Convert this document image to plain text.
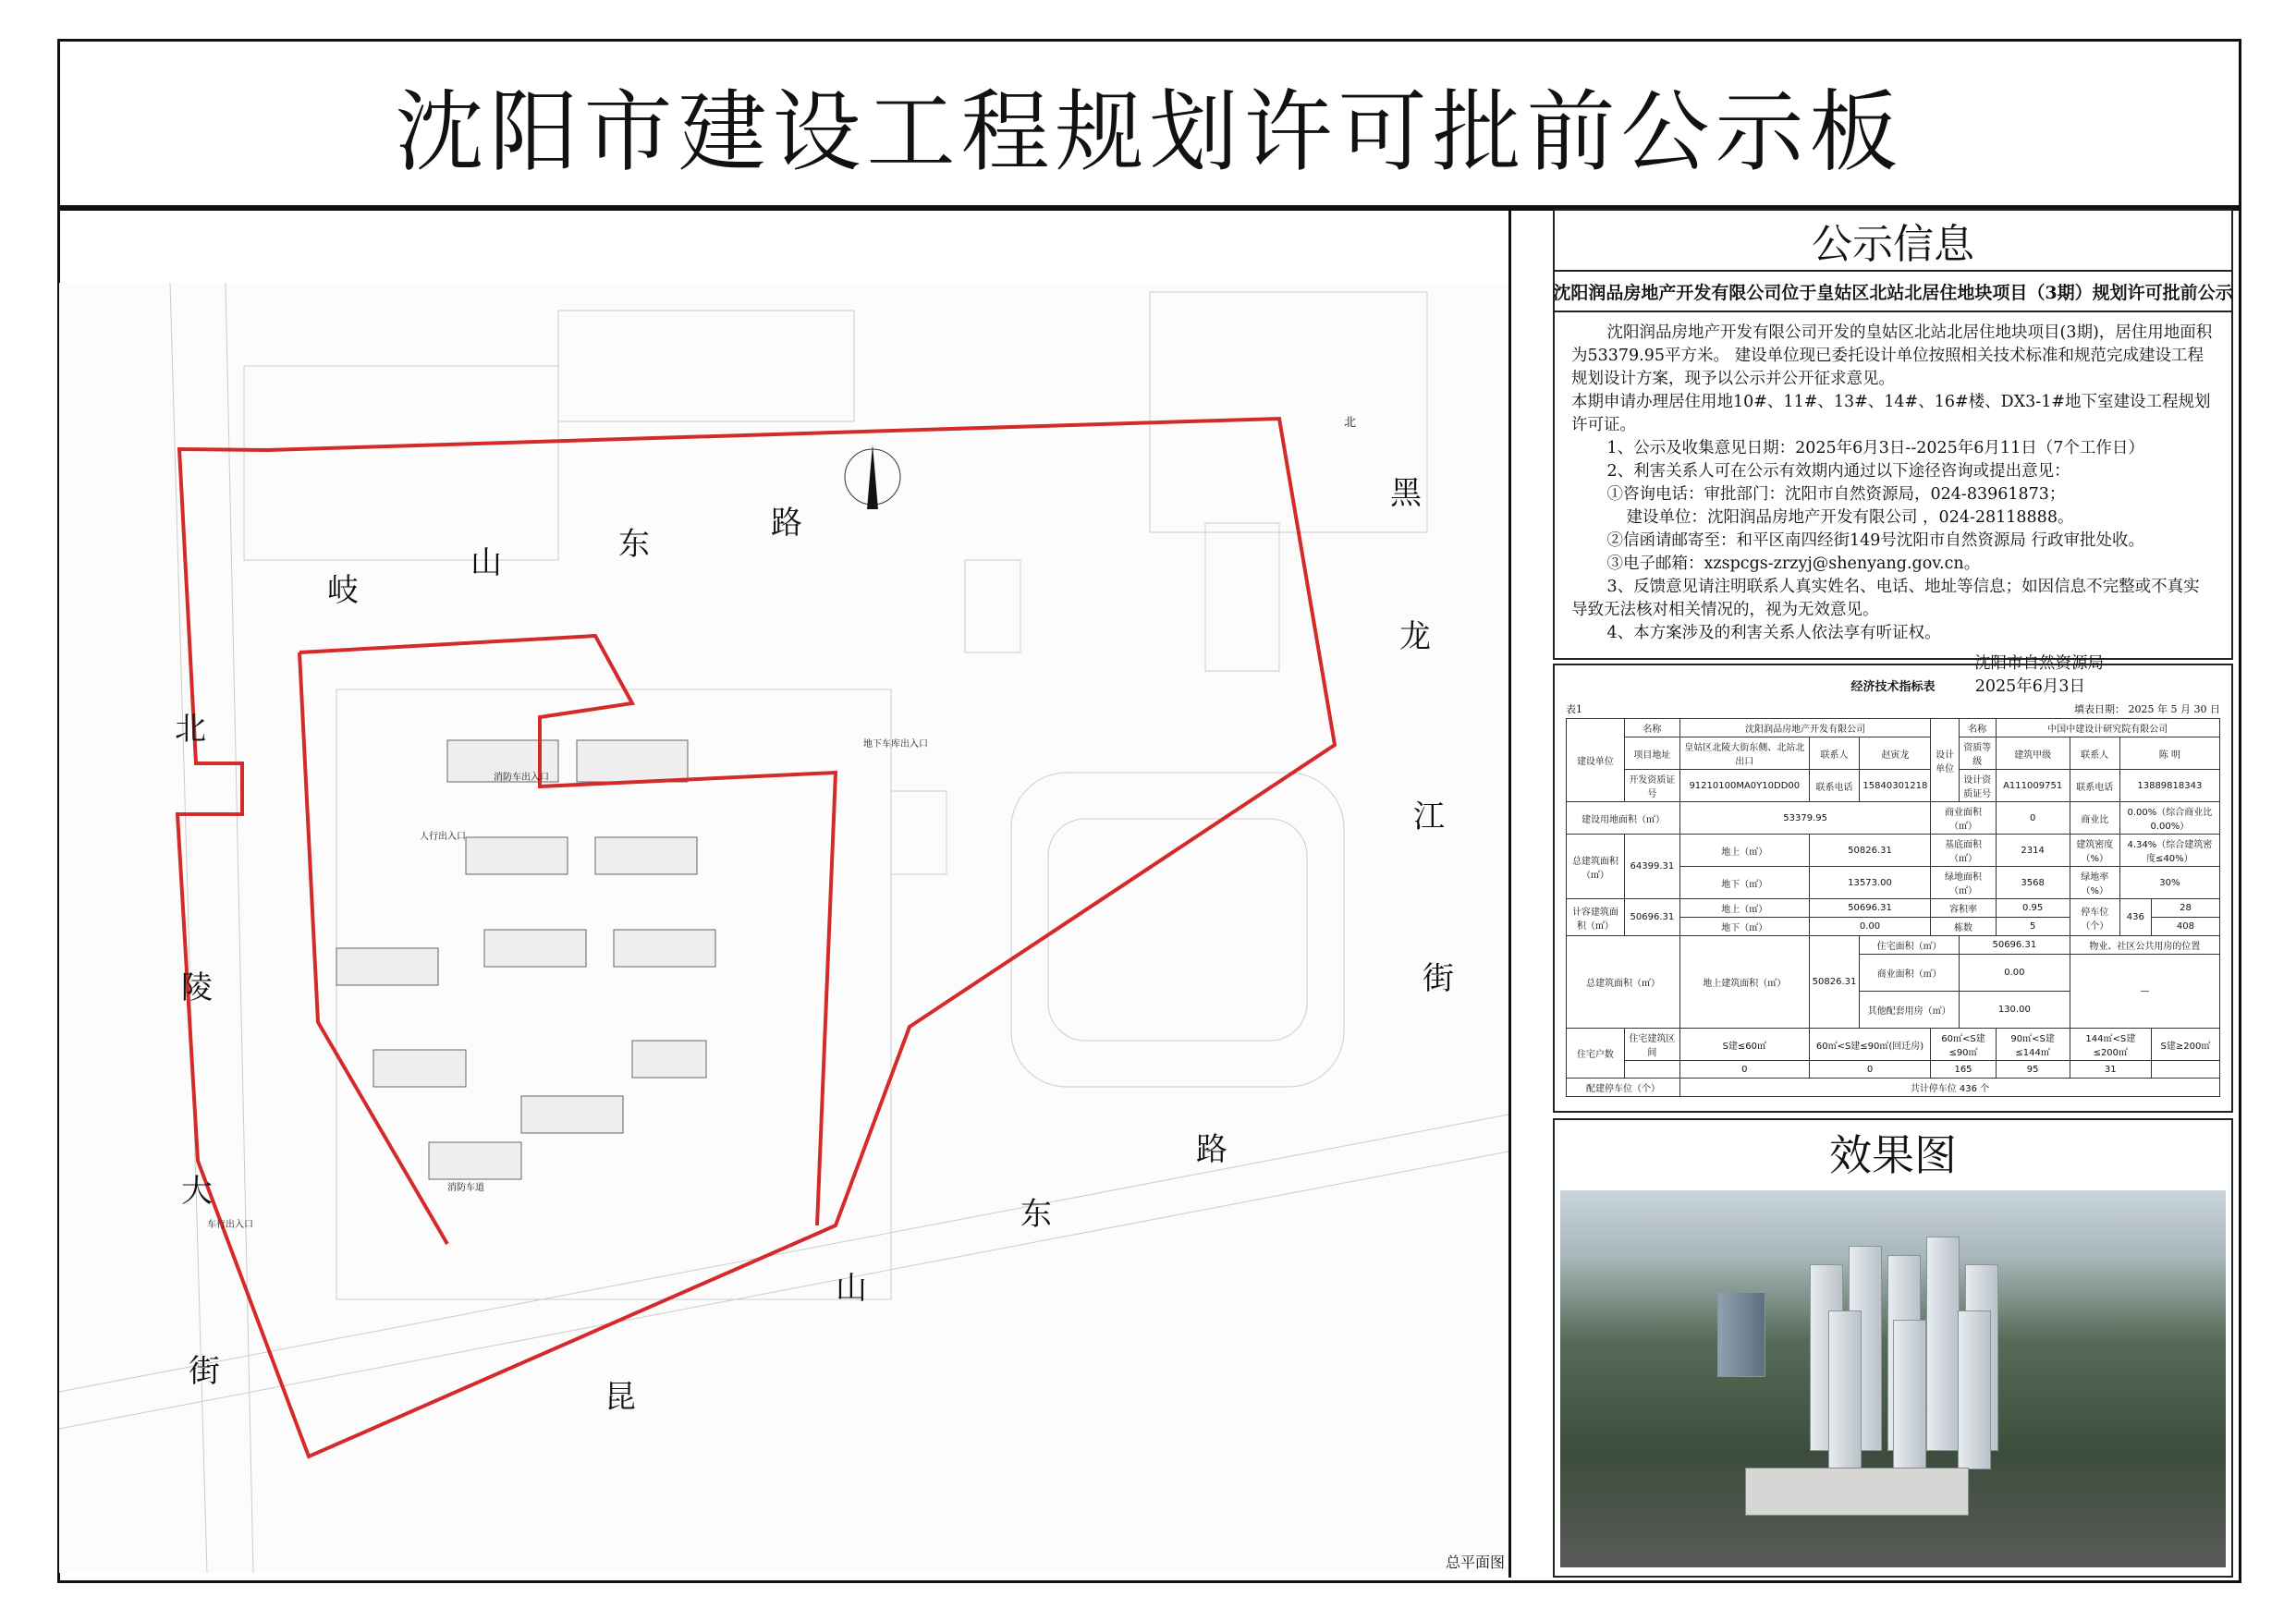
沈阳市建设工程规划许可批前公示板
岐
山	东
路
黑
龙
江
街
北
陵
大
街
昆
山
东
路
北
总平面图
消防车出入口
人行出入口
消防车道
车行出入口
地下车库出入口
公示信息
沈阳润品房地产开发有限公司位于皇姑区北站北居住地块项目（3期）规划许可批前公示

沈阳润品房地产开发有限公司开发的皇姑区北站北居住地块项目(3期)，居住用地面积为53379.95平方米。 建设单位现已委托设计单位按照相关技术标准和规范完成建设工程规划设计方案，现予以公示并公开征求意见。

本期申请办理居住用地10#、11#、13#、14#、16#楼、DX3-1#地下室建设工程规划许可证。

1、公示及收集意见日期：2025年6月3日--2025年6月11日（7个工作日）

2、利害关系人可在公示有效期内通过以下途径咨询或提出意见：

①咨询电话：审批部门：沈阳市自然资源局，024-83961873；

建设单位：沈阳润品房地产开发有限公司 ，024-28118888。

②信函请邮寄至：和平区南四经街149号沈阳市自然资源局 行政审批处收。

③电子邮箱：xzspcgs-zrzyj@shenyang.gov.cn。

3、反馈意见请注明联系人真实姓名、电话、地址等信息；如因信息不完整或不真实导致无法核对相关情况的，视为无效意见。

4、本方案涉及的利害关系人依法享有听证权。

沈阳市自然资源局

2025年6月3日

经济技术指标表
表1	填表日期： 2025 年 5 月 30 日
建设单位	名称	沈阳润品房地产开发有限公司			设计单位	名称	中国中建设计研究院有限公司			
	项目地址	皇姑区北陵大街东侧、北站北出口	联系人	赵寅龙		资质等级	建筑甲级	联系人	陈 明	
	开发资质证号	91210100MA0Y10DD00	联系电话	15840301218		设计资质证号	A111009751	联系电话	13889818343	
建设用地面积（㎡）		53379.95			商业面积（㎡）		0	商业比	0.00%（综合商业比 0.00%）	
总建筑面积（㎡）	64399.31	地上（㎡）	50826.31		基底面积（㎡）		2314	建筑密度（%）	4.34%（综合建筑密度≤40%）	
		地下（㎡）	13573.00		绿地面积（㎡）		3568	绿地率（%）	30%	
计容建筑面积（㎡）	50696.31	地上（㎡）	50696.31		容积率		0.95	停车位（个）	436	28
		地下（㎡）	0.00		栋数		5			408
总建筑面积（㎡）		地上建筑面积（㎡）	50826.31	住宅面积（㎡）		50696.31		物业、社区公共用房的位置		
				商业面积（㎡）		0.00		—		
				其他配套用房（㎡）		130.00				
住宅户数	住宅建筑区间	S建≤60㎡	60㎡<S建≤90㎡(回迁房)		60㎡<S建≤90㎡		90㎡<S建≤144㎡	144㎡<S建≤200㎡		S建≥200㎡
		0	0		165		95	31		
配建停车位（个）		共计停车位 436 个								
效果图
